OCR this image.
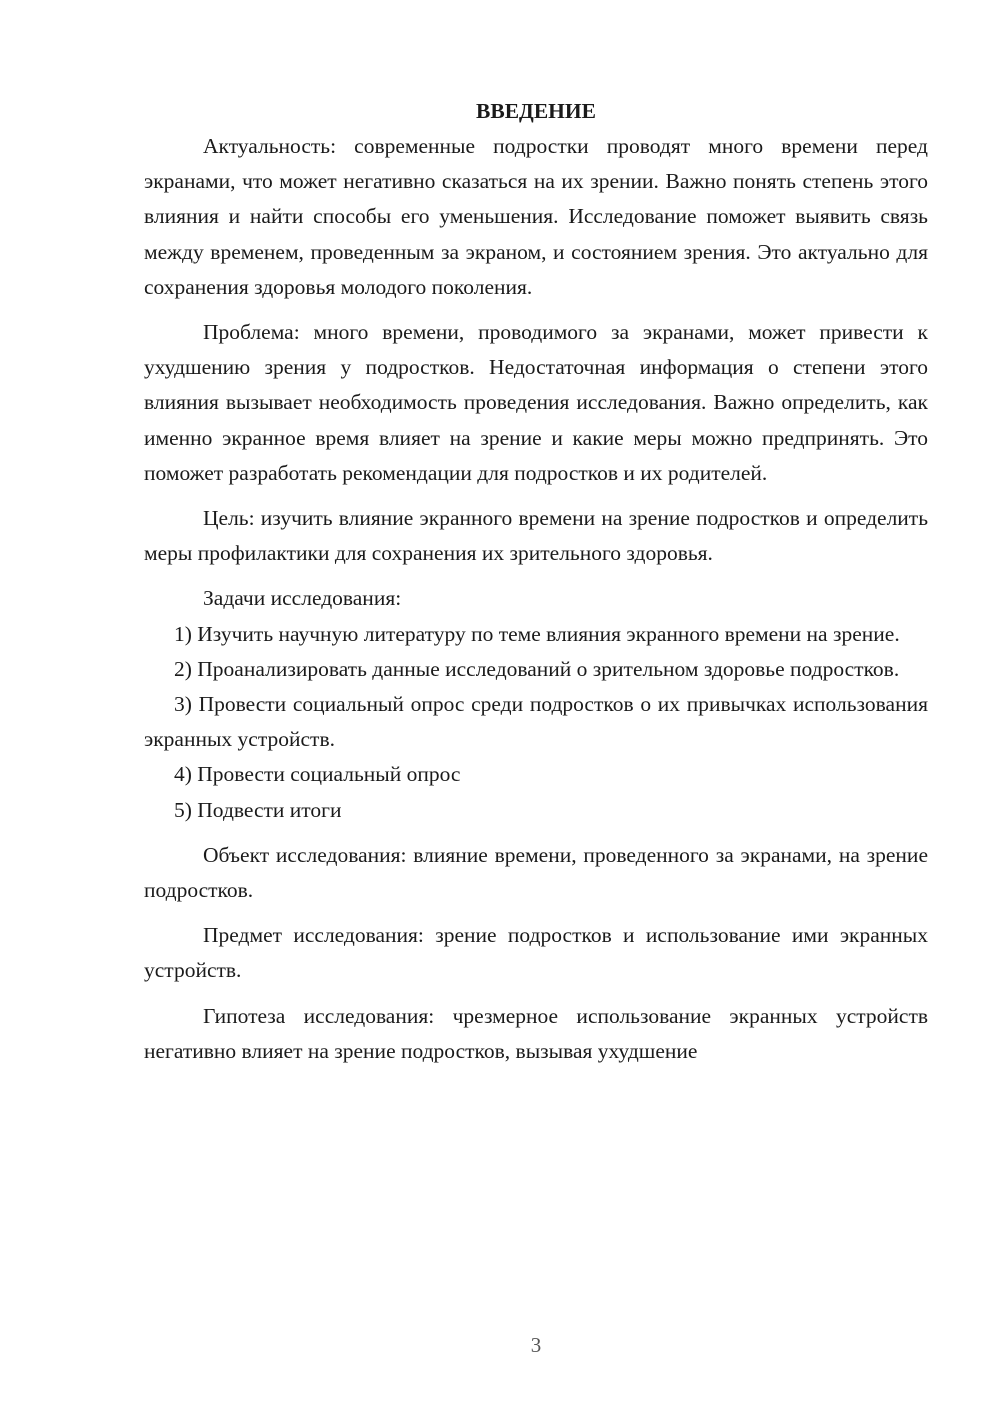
ВВЕДЕНИЕ

Актуальность: современные подростки проводят много времени перед экранами, что может негативно сказаться на их зрении. Важно понять степень этого влияния и найти способы его уменьшения. Исследование поможет выявить связь между временем, проведенным за экраном, и состоянием зрения. Это актуально для сохранения здоровья молодого поколения.

Проблема: много времени, проводимого за экранами, может привести к ухудшению зрения у подростков. Недостаточная информация о степени этого влияния вызывает необходимость проведения исследования. Важно определить, как именно экранное время влияет на зрение и какие меры можно предпринять. Это поможет разработать рекомендации для подростков и их родителей.

Цель: изучить влияние экранного времени на зрение подростков и определить меры профилактики для сохранения их зрительного здоровья.

Задачи исследования:

1) Изучить научную литературу по теме влияния экранного времени на зрение.

2) Проанализировать данные исследований о зрительном здоровье подростков.

3) Провести социальный опрос среди подростков о их привычках использования экранных устройств.

4) Провести социальный опрос

5) Подвести итоги

Объект исследования: влияние времени, проведенного за экранами, на зрение подростков.

Предмет исследования: зрение подростков и использование ими экранных устройств.

Гипотеза исследования: чрезмерное использование экранных устройств негативно влияет на зрение подростков, вызывая ухудшение

3
